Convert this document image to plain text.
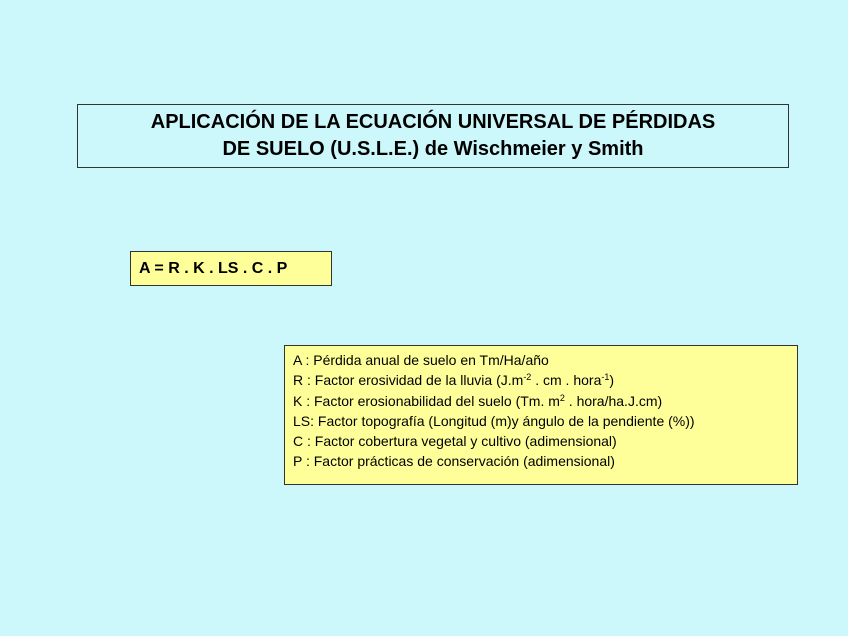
APLICACIÓN DE LA ECUACIÓN UNIVERSAL DE PÉRDIDAS
DE SUELO (U.S.L.E.) de Wischmeier y Smith
A = R . K . LS . C . P
A : Pérdida anual de suelo en Tm/Ha/año
R : Factor erosividad de la lluvia ($J.m^{-2}$ . cm . hora$^{-1}$)
K : Factor erosionabilidad del suelo (Tm. $m^2$ . hora/ha.J.cm)
LS: Factor topografía (Longitud (m)y ángulo de la pendiente (%))
C : Factor cobertura vegetal y cultivo (adimensional)
P : Factor prácticas de conservación (adimensional)
